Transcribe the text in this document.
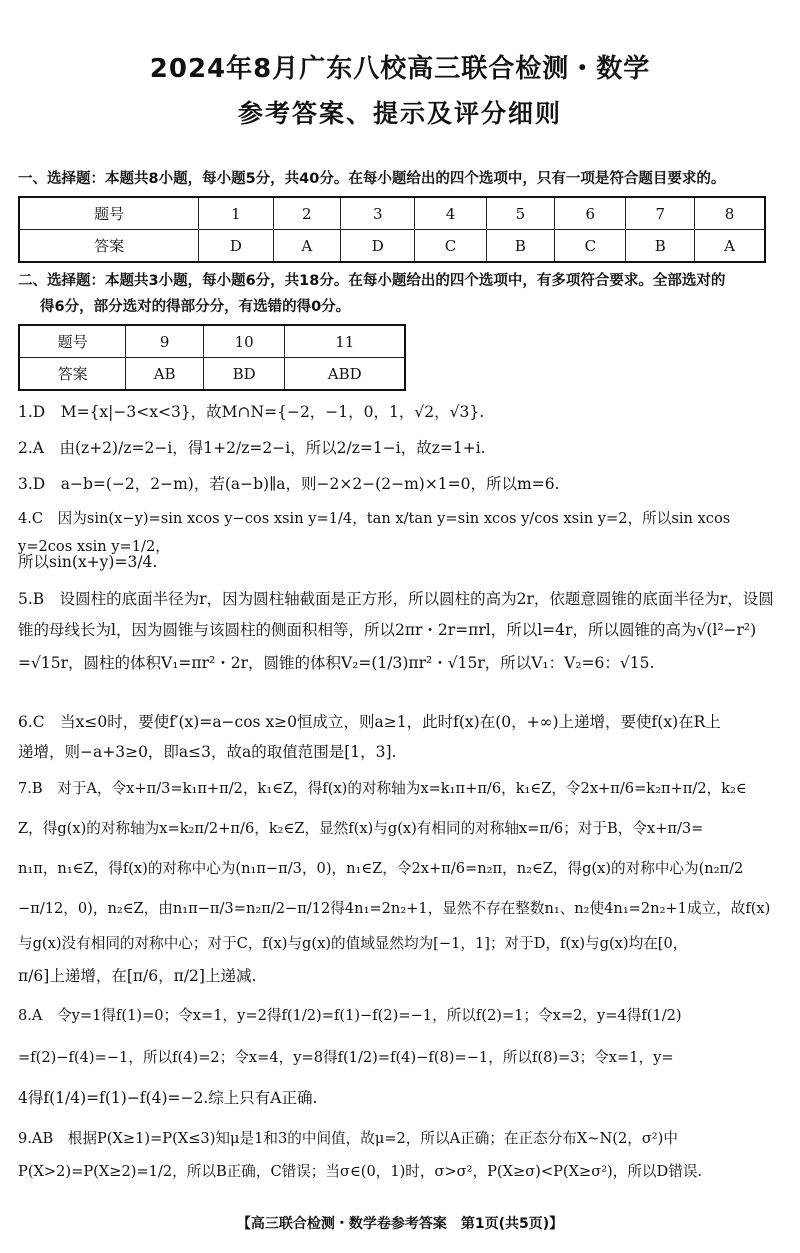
2024年8月广东八校高三联合检测・数学
参考答案、提示及评分细则
一、选择题：本题共8小题，每小题5分，共40分。在每小题给出的四个选项中，只有一项是符合题目要求的。
题号	1	2	3	4	5	6	7	8
答案	D	A	D	C	B	C	B	A
二、选择题：本题共3小题，每小题6分，共18分。在每小题给出的四个选项中，有多项符合要求。全部选对的
得6分，部分选对的得部分分，有选错的得0分。
题号	9	10	11
答案	AB	BD	ABD
1.D　M={x|−3<x<3}，故M∩N={−2，−1，0，1，√2，√3}.
2.A　由(z+2)/z=2−i，得1+2/z=2−i，所以2/z=1−i，故z=1+i.
3.D　a−b=(−2，2−m)，若(a−b)∥a，则−2×2−(2−m)×1=0，所以m=6.
4.C　因为sin(x−y)=sin xcos y−cos xsin y=1/4，tan x/tan y=sin xcos y/cos xsin y=2，所以sin xcos y=2cos xsin y=1/2，
所以sin(x+y)=3/4.
5.B　设圆柱的底面半径为r，因为圆柱轴截面是正方形，所以圆柱的高为2r，依题意圆锥的底面半径为r，设圆
锥的母线长为l，因为圆锥与该圆柱的侧面积相等，所以2πr・2r=πrl，所以l=4r，所以圆锥的高为√(l²−r²)
=√15r，圆柱的体积V₁=πr²・2r，圆锥的体积V₂=(1/3)πr²・√15r，所以V₁：V₂=6：√15.
6.C　当x≤0时，要使f′(x)=a−cos x≥0恒成立，则a≥1，此时f(x)在(0，+∞)上递增，要使f(x)在R上
递增，则−a+3≥0，即a≤3，故a的取值范围是[1，3].
7.B　对于A，令x+π/3=k₁π+π/2，k₁∈Z，得f(x)的对称轴为x=k₁π+π/6，k₁∈Z，令2x+π/6=k₂π+π/2，k₂∈
Z，得g(x)的对称轴为x=k₂π/2+π/6，k₂∈Z，显然f(x)与g(x)有相同的对称轴x=π/6；对于B，令x+π/3=
n₁π，n₁∈Z，得f(x)的对称中心为(n₁π−π/3，0)，n₁∈Z，令2x+π/6=n₂π，n₂∈Z，得g(x)的对称中心为(n₂π/2
−π/12，0)，n₂∈Z，由n₁π−π/3=n₂π/2−π/12得4n₁=2n₂+1，显然不存在整数n₁、n₂使4n₁=2n₂+1成立，故f(x)
与g(x)没有相同的对称中心；对于C，f(x)与g(x)的值域显然均为[−1，1]；对于D，f(x)与g(x)均在[0，
π/6]上递增，在[π/6，π/2]上递减.
8.A　令y=1得f(1)=0；令x=1，y=2得f(1/2)=f(1)−f(2)=−1，所以f(2)=1；令x=2，y=4得f(1/2)
=f(2)−f(4)=−1，所以f(4)=2；令x=4，y=8得f(1/2)=f(4)−f(8)=−1，所以f(8)=3；令x=1，y=
4得f(1/4)=f(1)−f(4)=−2.综上只有A正确.
9.AB　根据P(X≥1)=P(X≤3)知μ是1和3的中间值，故μ=2，所以A正确；在正态分布X∼N(2，σ²)中
P(X>2)=P(X≥2)=1/2，所以B正确，C错误；当σ∈(0，1)时，σ>σ²，P(X≥σ)<P(X≥σ²)，所以D错误.
【高三联合检测・数学卷参考答案　第1页(共5页)】
